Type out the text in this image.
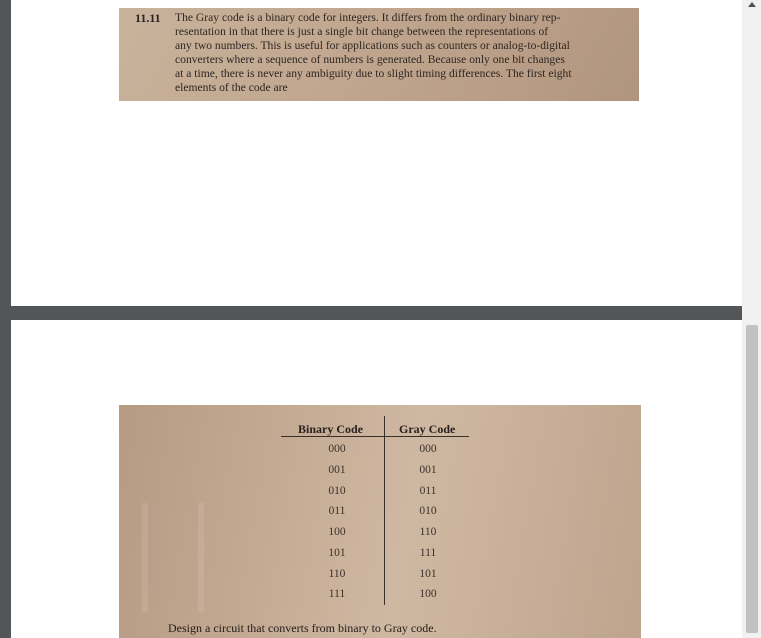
11.11 The Gray code is a binary code for integers. It differs from the ordinary binary rep-
resentation in that there is just a single bit change between the representations of
any two numbers. This is useful for applications such as counters or analog-to-digital
converters where a sequence of numbers is generated. Because only one bit changes
at a time, there is never any ambiguity due to slight timing differences. The first eight
elements of the code are
││
Binary Code	Gray Code
000	000
001	001
010	011
011	010
100	110
101	111
110	101
111	100
Design a circuit that converts from binary to Gray code.
